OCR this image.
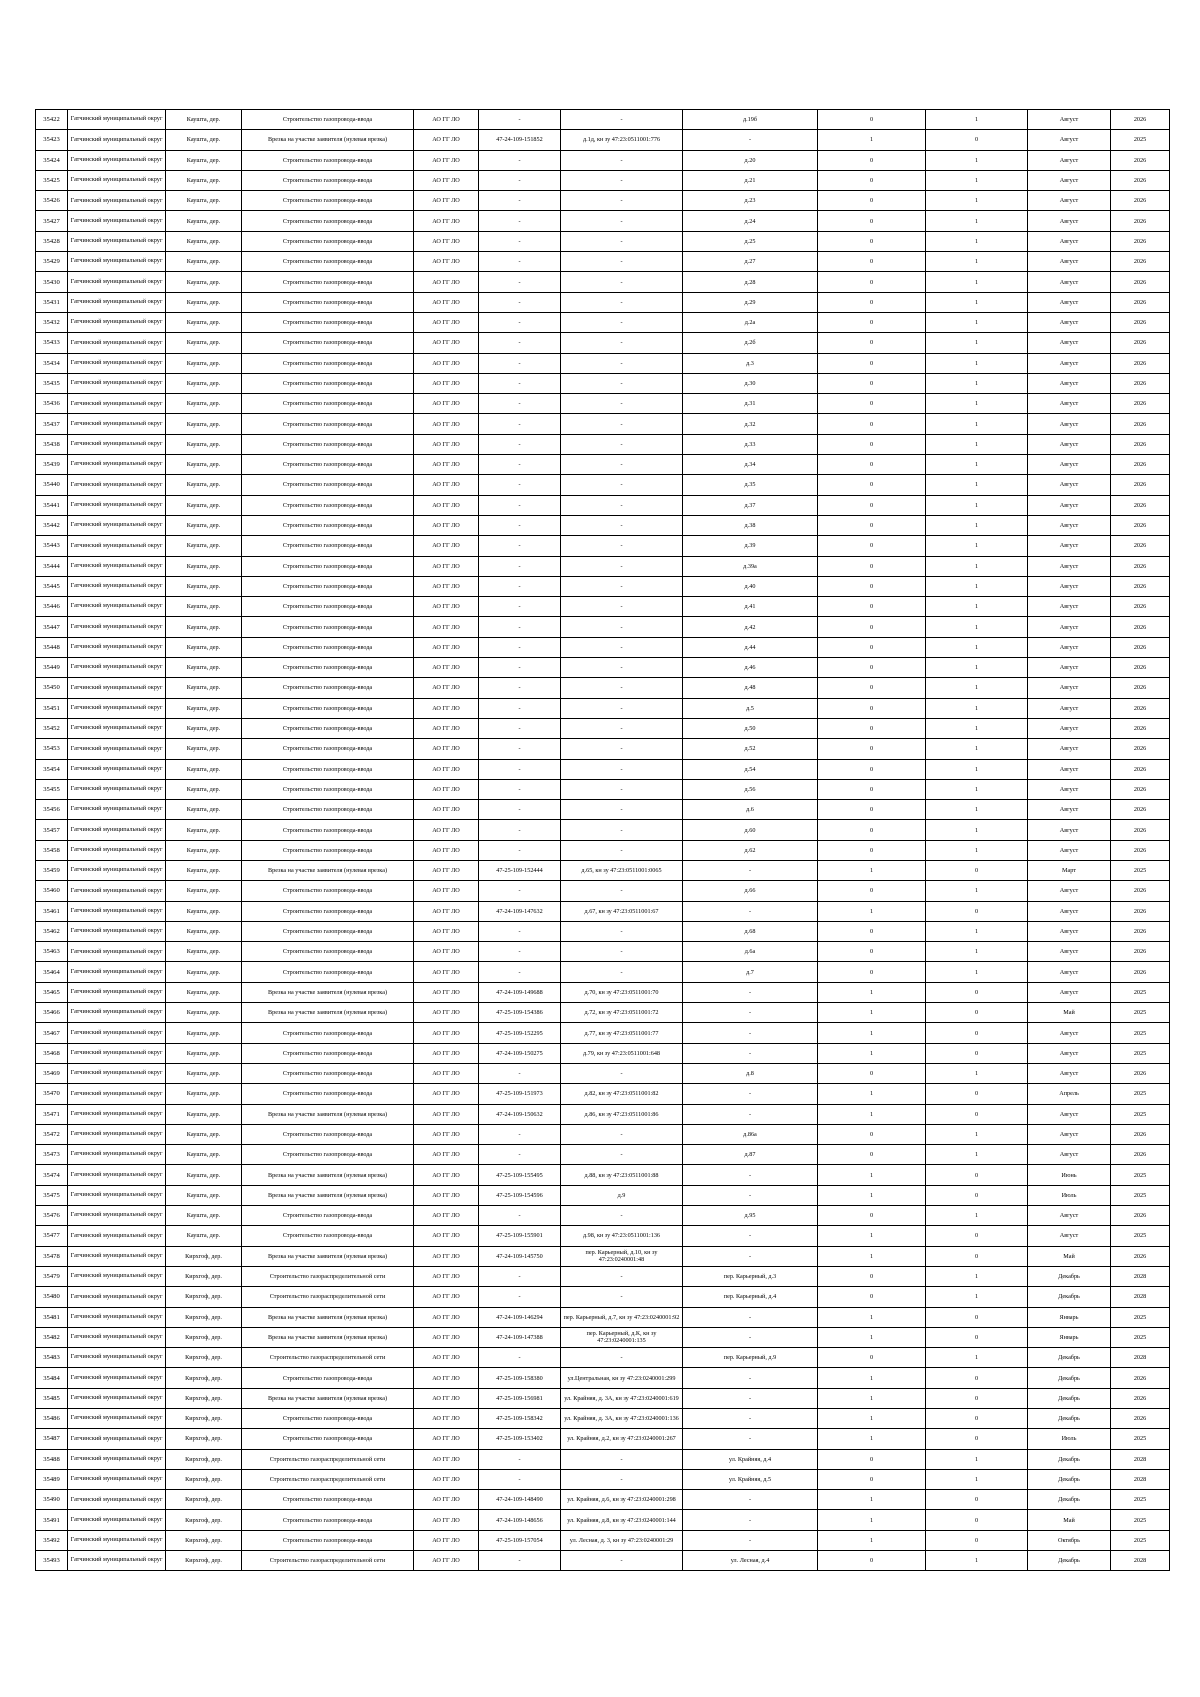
35422	Гатчинский муниципальный округ	Кауштa, дер.	Строительство газопровода-ввода	АО ГГ ЛО	-	-	д.19б	0	1	Август	2026
35423	Гатчинский муниципальный округ	Кауштa, дер.	Врезка на участке заявителя (нулевая врезка)	АО ГГ ЛО	47-24-109-151852	д.1д, кн зу 47:23:0511001:776	-	1	0	Август	2025
35424	Гатчинский муниципальный округ	Кауштa, дер.	Строительство газопровода-ввода	АО ГГ ЛО	-	-	д.20	0	1	Август	2026
35425	Гатчинский муниципальный округ	Кауштa, дер.	Строительство газопровода-ввода	АО ГГ ЛО	-	-	д.21	0	1	Август	2026
35426	Гатчинский муниципальный округ	Кауштa, дер.	Строительство газопровода-ввода	АО ГГ ЛО	-	-	д.23	0	1	Август	2026
35427	Гатчинский муниципальный округ	Кауштa, дер.	Строительство газопровода-ввода	АО ГГ ЛО	-	-	д.24	0	1	Август	2026
35428	Гатчинский муниципальный округ	Кауштa, дер.	Строительство газопровода-ввода	АО ГГ ЛО	-	-	д.25	0	1	Август	2026
35429	Гатчинский муниципальный округ	Кауштa, дер.	Строительство газопровода-ввода	АО ГГ ЛО	-	-	д.27	0	1	Август	2026
35430	Гатчинский муниципальный округ	Кауштa, дер.	Строительство газопровода-ввода	АО ГГ ЛО	-	-	д.28	0	1	Август	2026
35431	Гатчинский муниципальный округ	Кауштa, дер.	Строительство газопровода-ввода	АО ГГ ЛО	-	-	д.29	0	1	Август	2026
35432	Гатчинский муниципальный округ	Кауштa, дер.	Строительство газопровода-ввода	АО ГГ ЛО	-	-	д.2а	0	1	Август	2026
35433	Гатчинский муниципальный округ	Кауштa, дер.	Строительство газопровода-ввода	АО ГГ ЛО	-	-	д.2б	0	1	Август	2026
35434	Гатчинский муниципальный округ	Кауштa, дер.	Строительство газопровода-ввода	АО ГГ ЛО	-	-	д.3	0	1	Август	2026
35435	Гатчинский муниципальный округ	Кауштa, дер.	Строительство газопровода-ввода	АО ГГ ЛО	-	-	д.30	0	1	Август	2026
35436	Гатчинский муниципальный округ	Кауштa, дер.	Строительство газопровода-ввода	АО ГГ ЛО	-	-	д.31	0	1	Август	2026
35437	Гатчинский муниципальный округ	Кауштa, дер.	Строительство газопровода-ввода	АО ГГ ЛО	-	-	д.32	0	1	Август	2026
35438	Гатчинский муниципальный округ	Кауштa, дер.	Строительство газопровода-ввода	АО ГГ ЛО	-	-	д.33	0	1	Август	2026
35439	Гатчинский муниципальный округ	Кауштa, дер.	Строительство газопровода-ввода	АО ГГ ЛО	-	-	д.34	0	1	Август	2026
35440	Гатчинский муниципальный округ	Кауштa, дер.	Строительство газопровода-ввода	АО ГГ ЛО	-	-	д.35	0	1	Август	2026
35441	Гатчинский муниципальный округ	Кауштa, дер.	Строительство газопровода-ввода	АО ГГ ЛО	-	-	д.37	0	1	Август	2026
35442	Гатчинский муниципальный округ	Кауштa, дер.	Строительство газопровода-ввода	АО ГГ ЛО	-	-	д.38	0	1	Август	2026
35443	Гатчинский муниципальный округ	Кауштa, дер.	Строительство газопровода-ввода	АО ГГ ЛО	-	-	д.39	0	1	Август	2026
35444	Гатчинский муниципальный округ	Кауштa, дер.	Строительство газопровода-ввода	АО ГГ ЛО	-	-	д.39а	0	1	Август	2026
35445	Гатчинский муниципальный округ	Кауштa, дер.	Строительство газопровода-ввода	АО ГГ ЛО	-	-	д.40	0	1	Август	2026
35446	Гатчинский муниципальный округ	Кауштa, дер.	Строительство газопровода-ввода	АО ГГ ЛО	-	-	д.41	0	1	Август	2026
35447	Гатчинский муниципальный округ	Кауштa, дер.	Строительство газопровода-ввода	АО ГГ ЛО	-	-	д.42	0	1	Август	2026
35448	Гатчинский муниципальный округ	Кауштa, дер.	Строительство газопровода-ввода	АО ГГ ЛО	-	-	д.44	0	1	Август	2026
35449	Гатчинский муниципальный округ	Кауштa, дер.	Строительство газопровода-ввода	АО ГГ ЛО	-	-	д.46	0	1	Август	2026
35450	Гатчинский муниципальный округ	Кауштa, дер.	Строительство газопровода-ввода	АО ГГ ЛО	-	-	д.48	0	1	Август	2026
35451	Гатчинский муниципальный округ	Кауштa, дер.	Строительство газопровода-ввода	АО ГГ ЛО	-	-	д.5	0	1	Август	2026
35452	Гатчинский муниципальный округ	Кауштa, дер.	Строительство газопровода-ввода	АО ГГ ЛО	-	-	д.50	0	1	Август	2026
35453	Гатчинский муниципальный округ	Кауштa, дер.	Строительство газопровода-ввода	АО ГГ ЛО	-	-	д.52	0	1	Август	2026
35454	Гатчинский муниципальный округ	Кауштa, дер.	Строительство газопровода-ввода	АО ГГ ЛО	-	-	д.54	0	1	Август	2026
35455	Гатчинский муниципальный округ	Кауштa, дер.	Строительство газопровода-ввода	АО ГГ ЛО	-	-	д.56	0	1	Август	2026
35456	Гатчинский муниципальный округ	Кауштa, дер.	Строительство газопровода-ввода	АО ГГ ЛО	-	-	д.6	0	1	Август	2026
35457	Гатчинский муниципальный округ	Кауштa, дер.	Строительство газопровода-ввода	АО ГГ ЛО	-	-	д.60	0	1	Август	2026
35458	Гатчинский муниципальный округ	Кауштa, дер.	Строительство газопровода-ввода	АО ГГ ЛО	-	-	д.62	0	1	Август	2026
35459	Гатчинский муниципальный округ	Кауштa, дер.	Врезка на участке заявителя (нулевая врезка)	АО ГГ ЛО	47-25-109-152444	д.65, кн зу 47:23:0511001:0065	-	1	0	Март	2025
35460	Гатчинский муниципальный округ	Кауштa, дер.	Строительство газопровода-ввода	АО ГГ ЛО	-	-	д.66	0	1	Август	2026
35461	Гатчинский муниципальный округ	Кауштa, дер.	Строительство газопровода-ввода	АО ГГ ЛО	47-24-109-147632	д.67, кн зу 47:23:0511001:67	-	1	0	Август	2026
35462	Гатчинский муниципальный округ	Кауштa, дер.	Строительство газопровода-ввода	АО ГГ ЛО	-	-	д.68	0	1	Август	2026
35463	Гатчинский муниципальный округ	Кауштa, дер.	Строительство газопровода-ввода	АО ГГ ЛО	-	-	д.6а	0	1	Август	2026
35464	Гатчинский муниципальный округ	Кауштa, дер.	Строительство газопровода-ввода	АО ГГ ЛО	-	-	д.7	0	1	Август	2026
35465	Гатчинский муниципальный округ	Кауштa, дер.	Врезка на участке заявителя (нулевая врезка)	АО ГГ ЛО	47-24-109-149688	д.70, кн зу 47:23:0511001:70	-	1	0	Август	2025
35466	Гатчинский муниципальный округ	Кауштa, дер.	Врезка на участке заявителя (нулевая врезка)	АО ГГ ЛО	47-25-109-154386	д.72, кн зу 47:23:0511001:72	-	1	0	Май	2025
35467	Гатчинский муниципальный округ	Кауштa, дер.	Строительство газопровода-ввода	АО ГГ ЛО	47-25-109-152295	д.77, кн зу 47:23:0511001:77	-	1	0	Август	2025
35468	Гатчинский муниципальный округ	Кауштa, дер.	Строительство газопровода-ввода	АО ГГ ЛО	47-24-109-150275	д.79, кн зу 47:23:0511001:648	-	1	0	Август	2025
35469	Гатчинский муниципальный округ	Кауштa, дер.	Строительство газопровода-ввода	АО ГГ ЛО	-	-	д.8	0	1	Август	2026
35470	Гатчинский муниципальный округ	Кауштa, дер.	Строительство газопровода-ввода	АО ГГ ЛО	47-25-109-151973	д.82, кн зу 47:23:0511001:82	-	1	0	Апрель	2025
35471	Гатчинский муниципальный округ	Кауштa, дер.	Врезка на участке заявителя (нулевая врезка)	АО ГГ ЛО	47-24-109-150632	д.86, кн зу 47:23:0511001:86	-	1	0	Август	2025
35472	Гатчинский муниципальный округ	Кауштa, дер.	Строительство газопровода-ввода	АО ГГ ЛО	-	-	д.86а	0	1	Август	2026
35473	Гатчинский муниципальный округ	Кауштa, дер.	Строительство газопровода-ввода	АО ГГ ЛО	-	-	д.87	0	1	Август	2026
35474	Гатчинский муниципальный округ	Кауштa, дер.	Врезка на участке заявителя (нулевая врезка)	АО ГГ ЛО	47-25-109-155495	д.88, кн зу 47:23:0511001:88	-	1	0	Июнь	2025
35475	Гатчинский муниципальный округ	Кауштa, дер.	Врезка на участке заявителя (нулевая врезка)	АО ГГ ЛО	47-25-109-154596	д.9	-	1	0	Июль	2025
35476	Гатчинский муниципальный округ	Кауштa, дер.	Строительство газопровода-ввода	АО ГГ ЛО	-	-	д.95	0	1	Август	2026
35477	Гатчинский муниципальный округ	Кауштa, дер.	Строительство газопровода-ввода	АО ГГ ЛО	47-25-109-155901	д.98, кн зу 47:23:0511001:136	-	1	0	Август	2025
35478	Гатчинский муниципальный округ	Кирхгоф, дер.	Врезка на участке заявителя (нулевая врезка)	АО ГГ ЛО	47-24-109-145750	пер. Карьерный, д.10, кн зу 47:23:0240001:48	-	1	0	Май	2026
35479	Гатчинский муниципальный округ	Кирхгоф, дер.	Строительство газораспределительной сети	АО ГГ ЛО	-	-	пер. Карьерный, д.3	0	1	Декабрь	2028
35480	Гатчинский муниципальный округ	Кирхгоф, дер.	Строительство газораспределительной сети	АО ГГ ЛО	-	-	пер. Карьерный, д.4	0	1	Декабрь	2028
35481	Гатчинский муниципальный округ	Кирхгоф, дер.	Врезка на участке заявителя (нулевая врезка)	АО ГГ ЛО	47-24-109-146294	пер. Карьерный, д.7, кн зу 47:23:0240001:92	-	1	0	Январь	2025
35482	Гатчинский муниципальный округ	Кирхгоф, дер.	Врезка на участке заявителя (нулевая врезка)	АО ГГ ЛО	47-24-109-147388	пер. Карьерный, д.К, кн зу 47:23:0240001:135	-	1	0	Январь	2025
35483	Гатчинский муниципальный округ	Кирхгоф, дер.	Строительство газораспределительной сети	АО ГГ ЛО	-	-	пер. Карьерный, д.9	0	1	Декабрь	2028
35484	Гатчинский муниципальный округ	Кирхгоф, дер.	Строительство газопровода-ввода	АО ГГ ЛО	47-25-109-158380	ул.Центральная, кн зу 47:23:0240001:299	-	1	0	Декабрь	2026
35485	Гатчинский муниципальный округ	Кирхгоф, дер.	Врезка на участке заявителя (нулевая врезка)	АО ГГ ЛО	47-25-109-156981	ул. Крайняя, д. 3А, кн зу 47:23:0240001:619	-	1	0	Декабрь	2026
35486	Гатчинский муниципальный округ	Кирхгоф, дер.	Строительство газопровода-ввода	АО ГГ ЛО	47-25-109-158342	ул. Крайняя, д. 3А, кн зу 47:23:0240001:136	-	1	0	Декабрь	2026
35487	Гатчинский муниципальный округ	Кирхгоф, дер.	Строительство газопровода-ввода	АО ГГ ЛО	47-25-109-153402	ул. Крайняя, д.2, кн зу 47:23:0240001:267	-	1	0	Июль	2025
35488	Гатчинский муниципальный округ	Кирхгоф, дер.	Строительство газораспределительной сети	АО ГГ ЛО	-	-	ул. Крайняя, д.4	0	1	Декабрь	2028
35489	Гатчинский муниципальный округ	Кирхгоф, дер.	Строительство газораспределительной сети	АО ГГ ЛО	-	-	ул. Крайняя, д.5	0	1	Декабрь	2028
35490	Гатчинский муниципальный округ	Кирхгоф, дер.	Строительство газопровода-ввода	АО ГГ ЛО	47-24-109-148490	ул. Крайняя, д.6, кн зу 47:23:0240001:298	-	1	0	Декабрь	2025
35491	Гатчинский муниципальный округ	Кирхгоф, дер.	Строительство газопровода-ввода	АО ГГ ЛО	47-24-109-148656	ул. Крайняя, д.8, кн зу 47:23:0240001:144	-	1	0	Май	2025
35492	Гатчинский муниципальный округ	Кирхгоф, дер.	Строительство газопровода-ввода	АО ГГ ЛО	47-25-109-157054	ул. Лесная, д. 3, кн зу 47:23:0240001:29	-	1	0	Октябрь	2025
35493	Гатчинский муниципальный округ	Кирхгоф, дер.	Строительство газораспределительной сети	АО ГГ ЛО	-	-	ул. Лесная, д.4	0	1	Декабрь	2028
